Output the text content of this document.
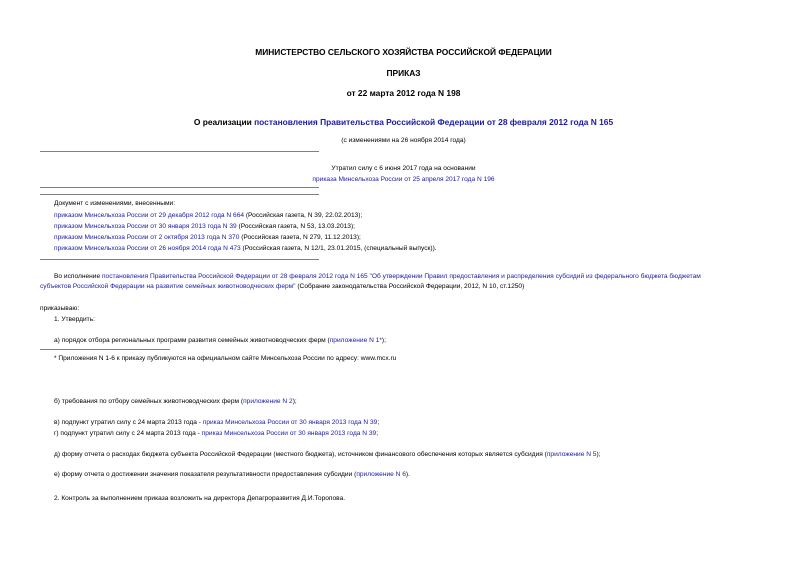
МИНИСТЕРСТВО СЕЛЬСКОГО ХОЗЯЙСТВА РОССИЙСКОЙ ФЕДЕРАЦИИ
ПРИКАЗ
от 22 марта 2012 года N 198
О реализации постановления Правительства Российской Федерации от 28 февраля 2012 года N 165
(с изменениями на 26 ноября 2014 года)
Утратил силу с 6 июня 2017 года на основании
приказа Минсельхоза России от 25 апреля 2017 года N 196
Документ с изменениями, внесенными:
приказом Минсельхоза России от 29 декабря 2012 года N 664 (Российская газета, N 39, 22.02.2013);
приказом Минсельхоза России от 30 января 2013 года N 39 (Российская газета, N 53, 13.03.2013);
приказом Минсельхоза России от 2 октября 2013 года N 370 (Российская газета, N 279, 11.12.2013);
приказом Минсельхоза России от 26 ноября 2014 года N 473 (Российская газета, N 12/1, 23.01.2015, (специальный выпуск)).
Во исполнение постановления Правительства Российской Федерации от 28 февраля 2012 года N 165 "Об утверждении Правил предоставления и распределения субсидий из федерального бюджета бюджетам
субъектов Российской Федерации на развитие семейных животноводческих ферм" (Собрание законодательства Российской Федерации, 2012, N 10, ст.1250)
приказываю:
1. Утвердить:
а) порядок отбора региональных программ развития семейных животноводческих ферм (приложение N 1*);
* Приложения N 1-6 к приказу публикуются на официальном сайте Минсельхоза России по адресу: www.mcx.ru
б) требования по отбору семейных животноводческих ферм (приложение N 2);
в) подпункт утратил силу с 24 марта 2013 года - приказ Минсельхоза России от 30 января 2013 года N 39;
г) подпункт утратил силу с 24 марта 2013 года - приказ Минсельхоза России от 30 января 2013 года N 39;
д) форму отчета о расходах бюджета субъекта Российской Федерации (местного бюджета), источником финансового обеспечения которых является субсидия (приложение N 5);
е) форму отчета о достижении значения показателя результативности предоставления субсидии (приложение N 6).
2. Контроль за выполнением приказа возложить на директора Депагроразвития Д.И.Торопова.
